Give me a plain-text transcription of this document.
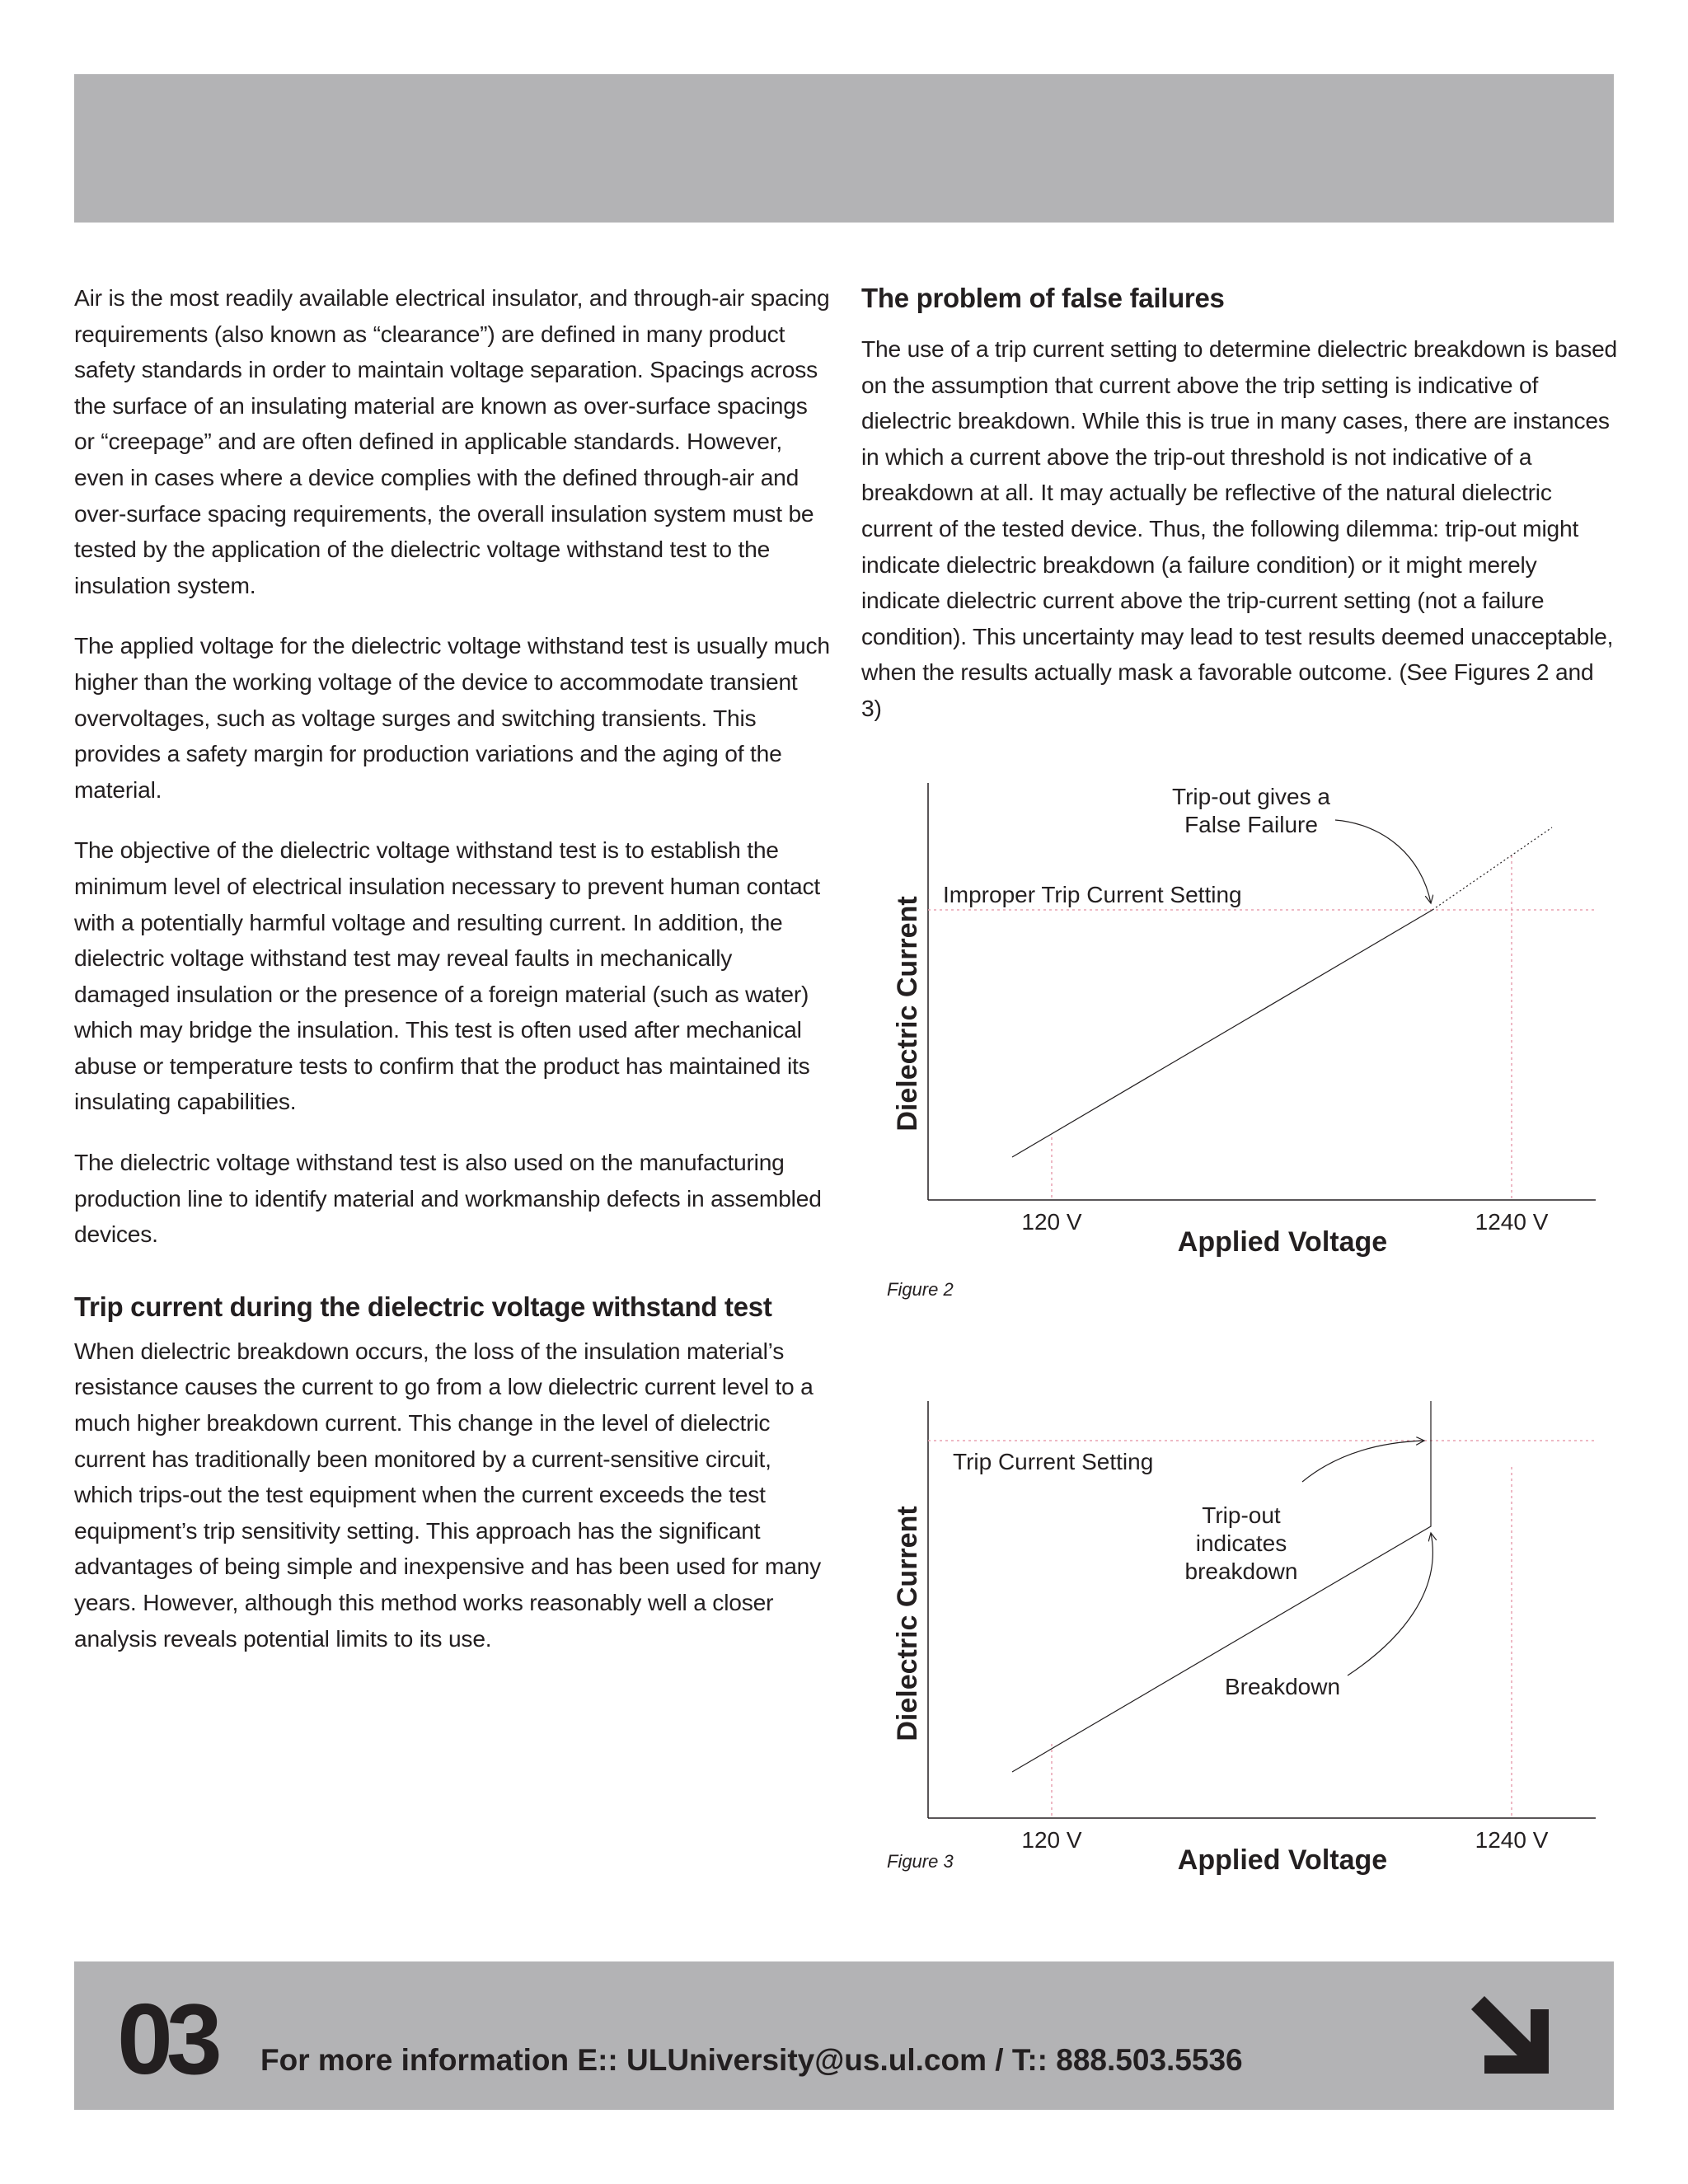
Air is the most readily available electrical insulator, and through-air spacing requirements (also known as “clearance”) are defined in many product safety standards in order to maintain voltage separation. Spacings across the surface of an insulating material are known as over-surface spacings or “creepage” and are often defined in applicable standards. However, even in cases where a device complies with the defined through-air and over-surface spacing requirements, the overall insulation system must be tested by the application of the dielectric voltage withstand test to the insulation system.

The applied voltage for the dielectric voltage withstand test is usually much higher than the working voltage of the device to accommodate transient overvoltages, such as voltage surges and switching transients. This provides a safety margin for production variations and the aging of the material.

The objective of the dielectric voltage withstand test is to establish the minimum level of electrical insulation necessary to prevent human contact with a potentially harmful voltage and resulting current. In addition, the dielectric voltage withstand test may reveal faults in mechanically damaged insulation or the presence of a foreign material (such as water) which may bridge the insulation. This test is often used after mechanical abuse or temperature tests to confirm that the product has maintained its insulating capabilities.

The dielectric voltage withstand test is also used on the manufacturing production line to identify material and workmanship defects in assembled devices.

Trip current during the dielectric voltage withstand test

When dielectric breakdown occurs, the loss of the insulation material’s resistance causes the current to go from a low dielectric current level to a much higher breakdown current. This change in the level of dielectric current has traditionally been monitored by a current-sensitive circuit, which trips-out the test equipment when the current exceeds the test equipment’s trip sensitivity setting. This approach has the significant advantages of being simple and inexpensive and has been used for many years. However, although this method works reasonably well a closer analysis reveals potential limits to its use.

The problem of false failures

The use of a trip current setting to determine dielectric breakdown is based on the assumption that current above the trip setting is indicative of dielectric breakdown. While this is true in many cases, there are instances in which a current above the trip-out threshold is not indicative of a breakdown at all. It may actually be reflective of the natural dielectric current of the tested device. Thus, the following dilemma: trip-out might indicate dielectric breakdown (a failure condition) or it might merely indicate dielectric current above the trip-current setting (not a failure condition). This uncertainty may lead to test results deemed unacceptable, when the results actually mask a favorable outcome. (See Figures 2 and 3)

Improper Trip Current Setting
Trip-out gives a
False Failure
120 V	1240 V
Applied Voltage
Dielectric Current
Figure 2
Trip Current Setting
Trip-out
indicates
breakdown
Breakdown
120 V	1240 V
Applied Voltage
Dielectric Current
Figure 3
03 For more information E:: ULUniversity@us.ul.com / T:: 888.503.5536
